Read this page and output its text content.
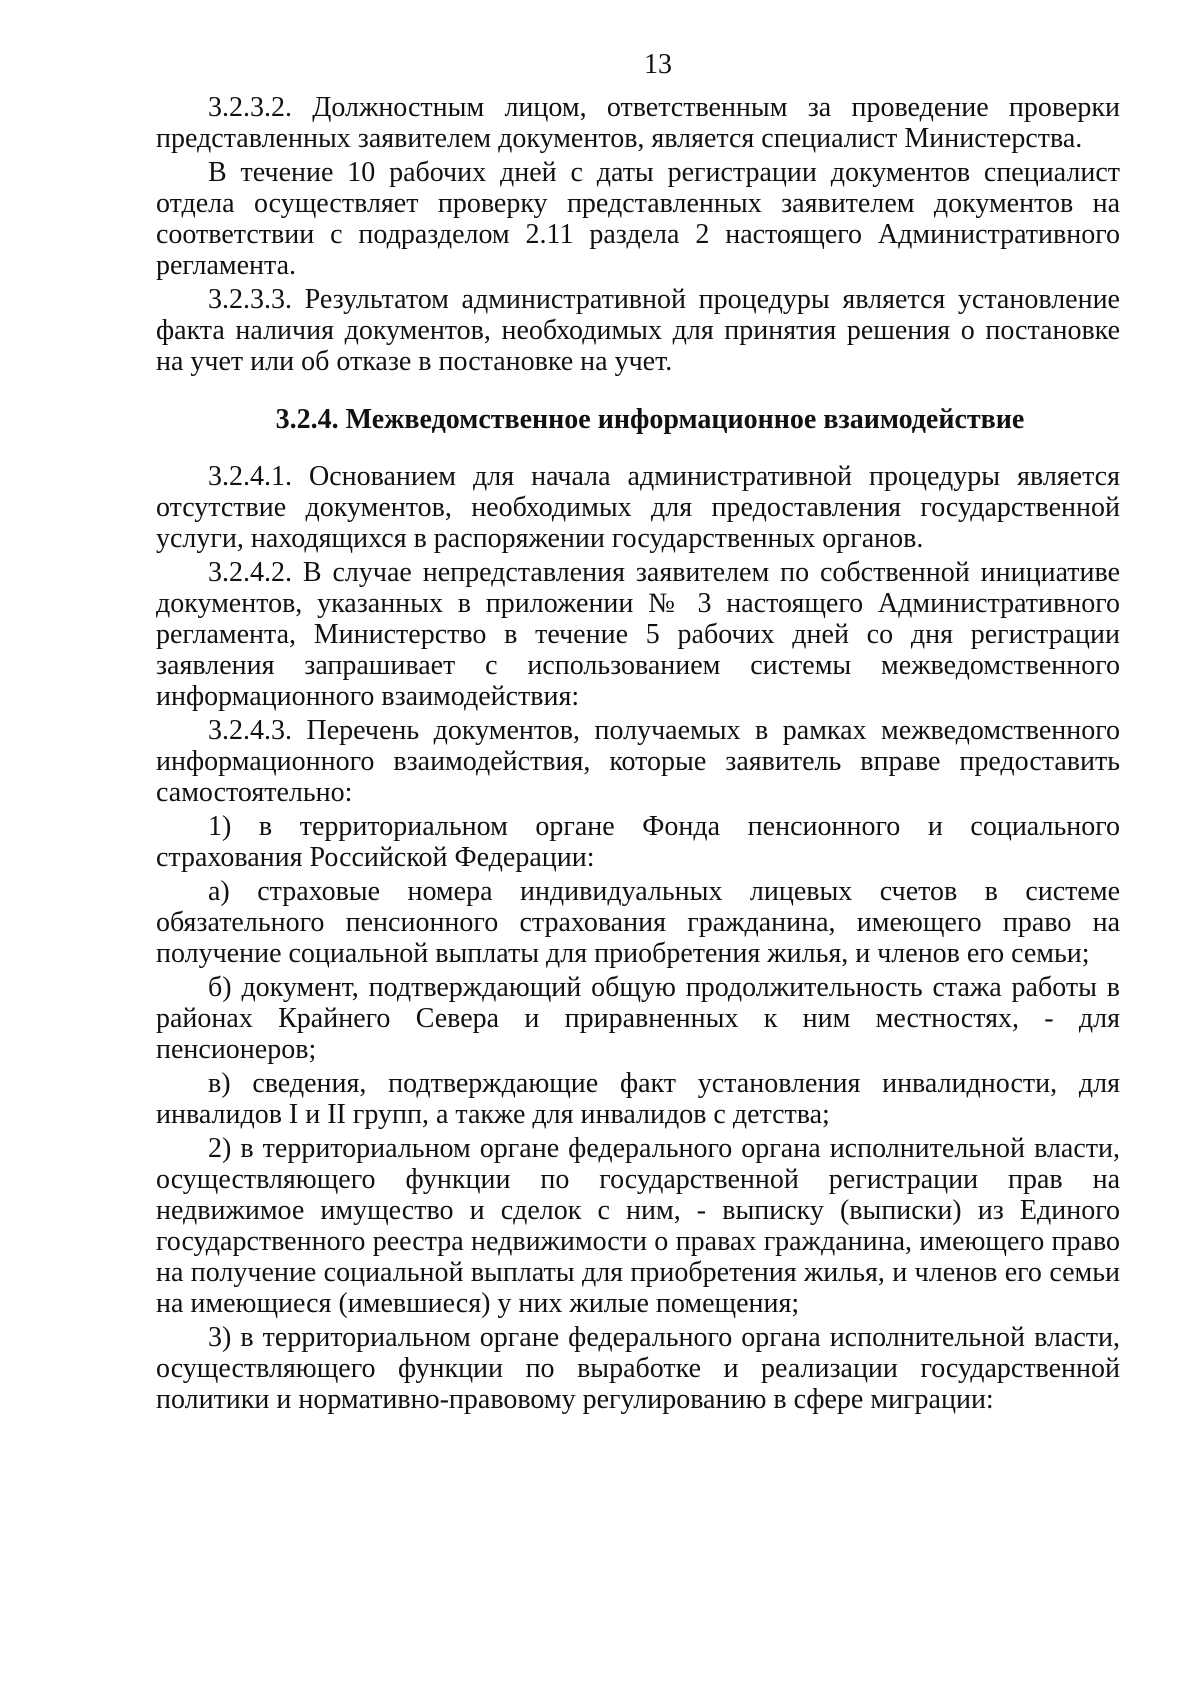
13

3.2.3.2. Должностным лицом, ответственным за проведение проверки представленных заявителем документов, является специалист Министерства.

В течение 10 рабочих дней с даты регистрации документов специалист отдела осуществляет проверку представленных заявителем документов на соответствии с подразделом 2.11 раздела 2 настоящего Административного регламента.

3.2.3.3. Результатом административной процедуры является установление факта наличия документов, необходимых для принятия решения о постановке на учет или об отказе в постановке на учет.

3.2.4. Межведомственное информационное взаимодействие

3.2.4.1. Основанием для начала административной процедуры является отсутствие документов, необходимых для предоставления государственной услуги, находящихся в распоряжении государственных органов.

3.2.4.2. В случае непредставления заявителем по собственной инициативе документов, указанных в приложении № 3 настоящего Административного регламента, Министерство в течение 5 рабочих дней со дня регистрации заявления запрашивает с использованием системы межведомственного информационного взаимодействия:

3.2.4.3. Перечень документов, получаемых в рамках межведомственного информационного взаимодействия, которые заявитель вправе предоставить самостоятельно:

1) в территориальном органе Фонда пенсионного и социального страхования Российской Федерации:

а) страховые номера индивидуальных лицевых счетов в системе обязательного пенсионного страхования гражданина, имеющего право на получение социальной выплаты для приобретения жилья, и членов его семьи;

б) документ, подтверждающий общую продолжительность стажа работы в районах Крайнего Севера и приравненных к ним местностях, - для пенсионеров;

в) сведения, подтверждающие факт установления инвалидности, для инвалидов I и II групп, а также для инвалидов с детства;

2) в территориальном органе федерального органа исполнительной власти, осуществляющего функции по государственной регистрации прав на недвижимое имущество и сделок с ним, - выписку (выписки) из Единого государственного реестра недвижимости о правах гражданина, имеющего право на получение социальной выплаты для приобретения жилья, и членов его семьи на имеющиеся (имевшиеся) у них жилые помещения;

3) в территориальном органе федерального органа исполнительной власти, осуществляющего функции по выработке и реализации государственной политики и нормативно-правовому регулированию в сфере миграции:
